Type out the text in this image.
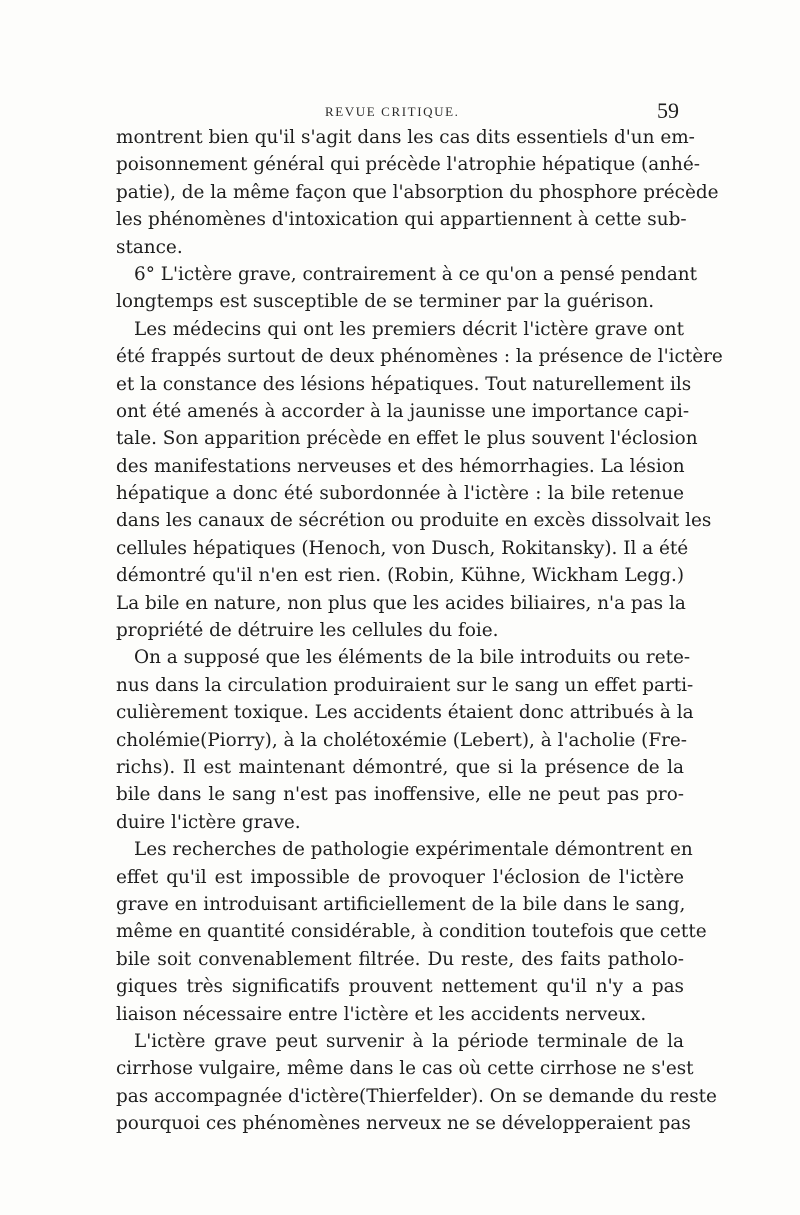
REVUE CRITIQUE.	59
montrent bien qu'il s'agit dans les cas dits essentiels d'un em-
poisonnement général qui précède l'atrophie hépatique (anhé-
patie), de la même façon que l'absorption du phosphore précède
les phénomènes d'intoxication qui appartiennent à cette sub-
stance.
6° L'ictère grave, contrairement à ce qu'on a pensé pendant
longtemps est susceptible de se terminer par la guérison.
Les médecins qui ont les premiers décrit l'ictère grave ont
été frappés surtout de deux phénomènes : la présence de l'ictère
et la constance des lésions hépatiques. Tout naturellement ils
ont été amenés à accorder à la jaunisse une importance capi-
tale. Son apparition précède en effet le plus souvent l'éclosion
des manifestations nerveuses et des hémorrhagies. La lésion
hépatique a donc été subordonnée à l'ictère : la bile retenue
dans les canaux de sécrétion ou produite en excès dissolvait les
cellules hépatiques (Henoch, von Dusch, Rokitansky). Il a été
démontré qu'il n'en est rien. (Robin, Kühne, Wickham Legg.)
La bile en nature, non plus que les acides biliaires, n'a pas la
propriété de détruire les cellules du foie.
On a supposé que les éléments de la bile introduits ou rete-
nus dans la circulation produiraient sur le sang un effet parti-
culièrement toxique. Les accidents étaient donc attribués à la
cholémie(Piorry), à la cholétoxémie (Lebert), à l'acholie (Fre-
richs). Il est maintenant démontré, que si la présence de la
bile dans le sang n'est pas inoffensive, elle ne peut pas pro-
duire l'ictère grave.
Les recherches de pathologie expérimentale démontrent en
effet qu'il est impossible de provoquer l'éclosion de l'ictère
grave en introduisant artificiellement de la bile dans le sang,
même en quantité considérable, à condition toutefois que cette
bile soit convenablement filtrée. Du reste, des faits patholo-
giques très significatifs prouvent nettement qu'il n'y a pas
liaison nécessaire entre l'ictère et les accidents nerveux.
L'ictère grave peut survenir à la période terminale de la
cirrhose vulgaire, même dans le cas où cette cirrhose ne s'est
pas accompagnée d'ictère(Thierfelder). On se demande du reste
pourquoi ces phénomènes nerveux ne se développeraient pas
